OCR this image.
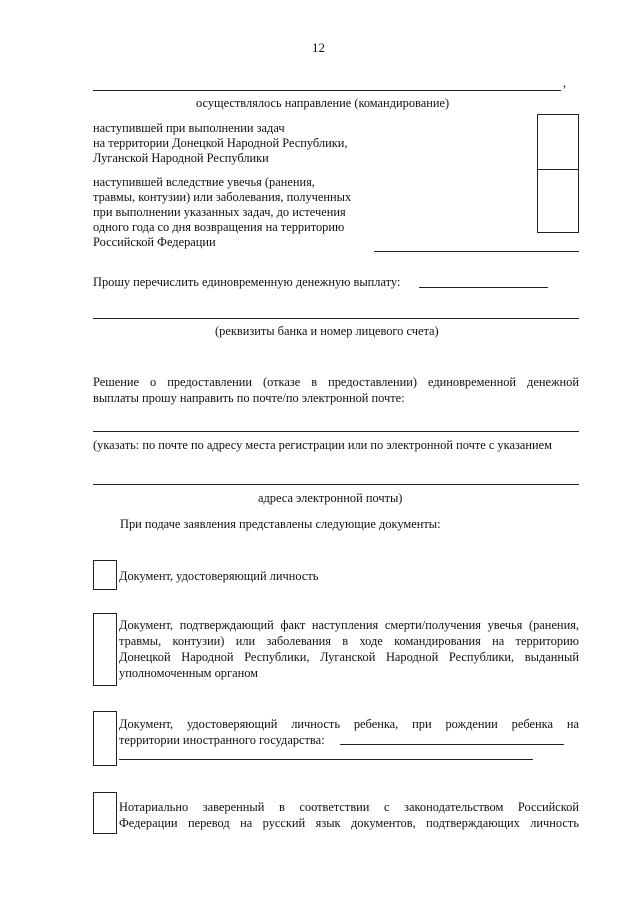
12
,
осуществлялось направление (командирование)
наступившей при выполнении задач
на территории Донецкой Народной Республики,
Луганской Народной Республики
наступившей вследствие увечья (ранения,
травмы, контузии) или заболевания, полученных
при выполнении указанных задач, до истечения
одного года со дня возвращения на территорию
Российской Федерации
Прошу перечислить единовременную денежную выплату:
(реквизиты банка и номер лицевого счета)
Решение о предоставлении (отказе в предоставлении) единовременной денежной
выплаты прошу направить по почте/по электронной почте:
(указать: по почте по адресу места регистрации или по электронной почте с указанием
адреса электронной почты)
При подаче заявления представлены следующие документы:
Документ, удостоверяющий личность
Документ, подтверждающий факт наступления смерти/получения увечья (ранения,
травмы, контузии) или заболевания в ходе командирования на территорию
Донецкой Народной Республики, Луганской Народной Республики, выданный
уполномоченным органом
Документ, удостоверяющий личность ребенка, при рождении ребенка на
территории иностранного государства:
Нотариально заверенный в соответствии с законодательством Российской
Федерации перевод на русский язык документов, подтверждающих личность
